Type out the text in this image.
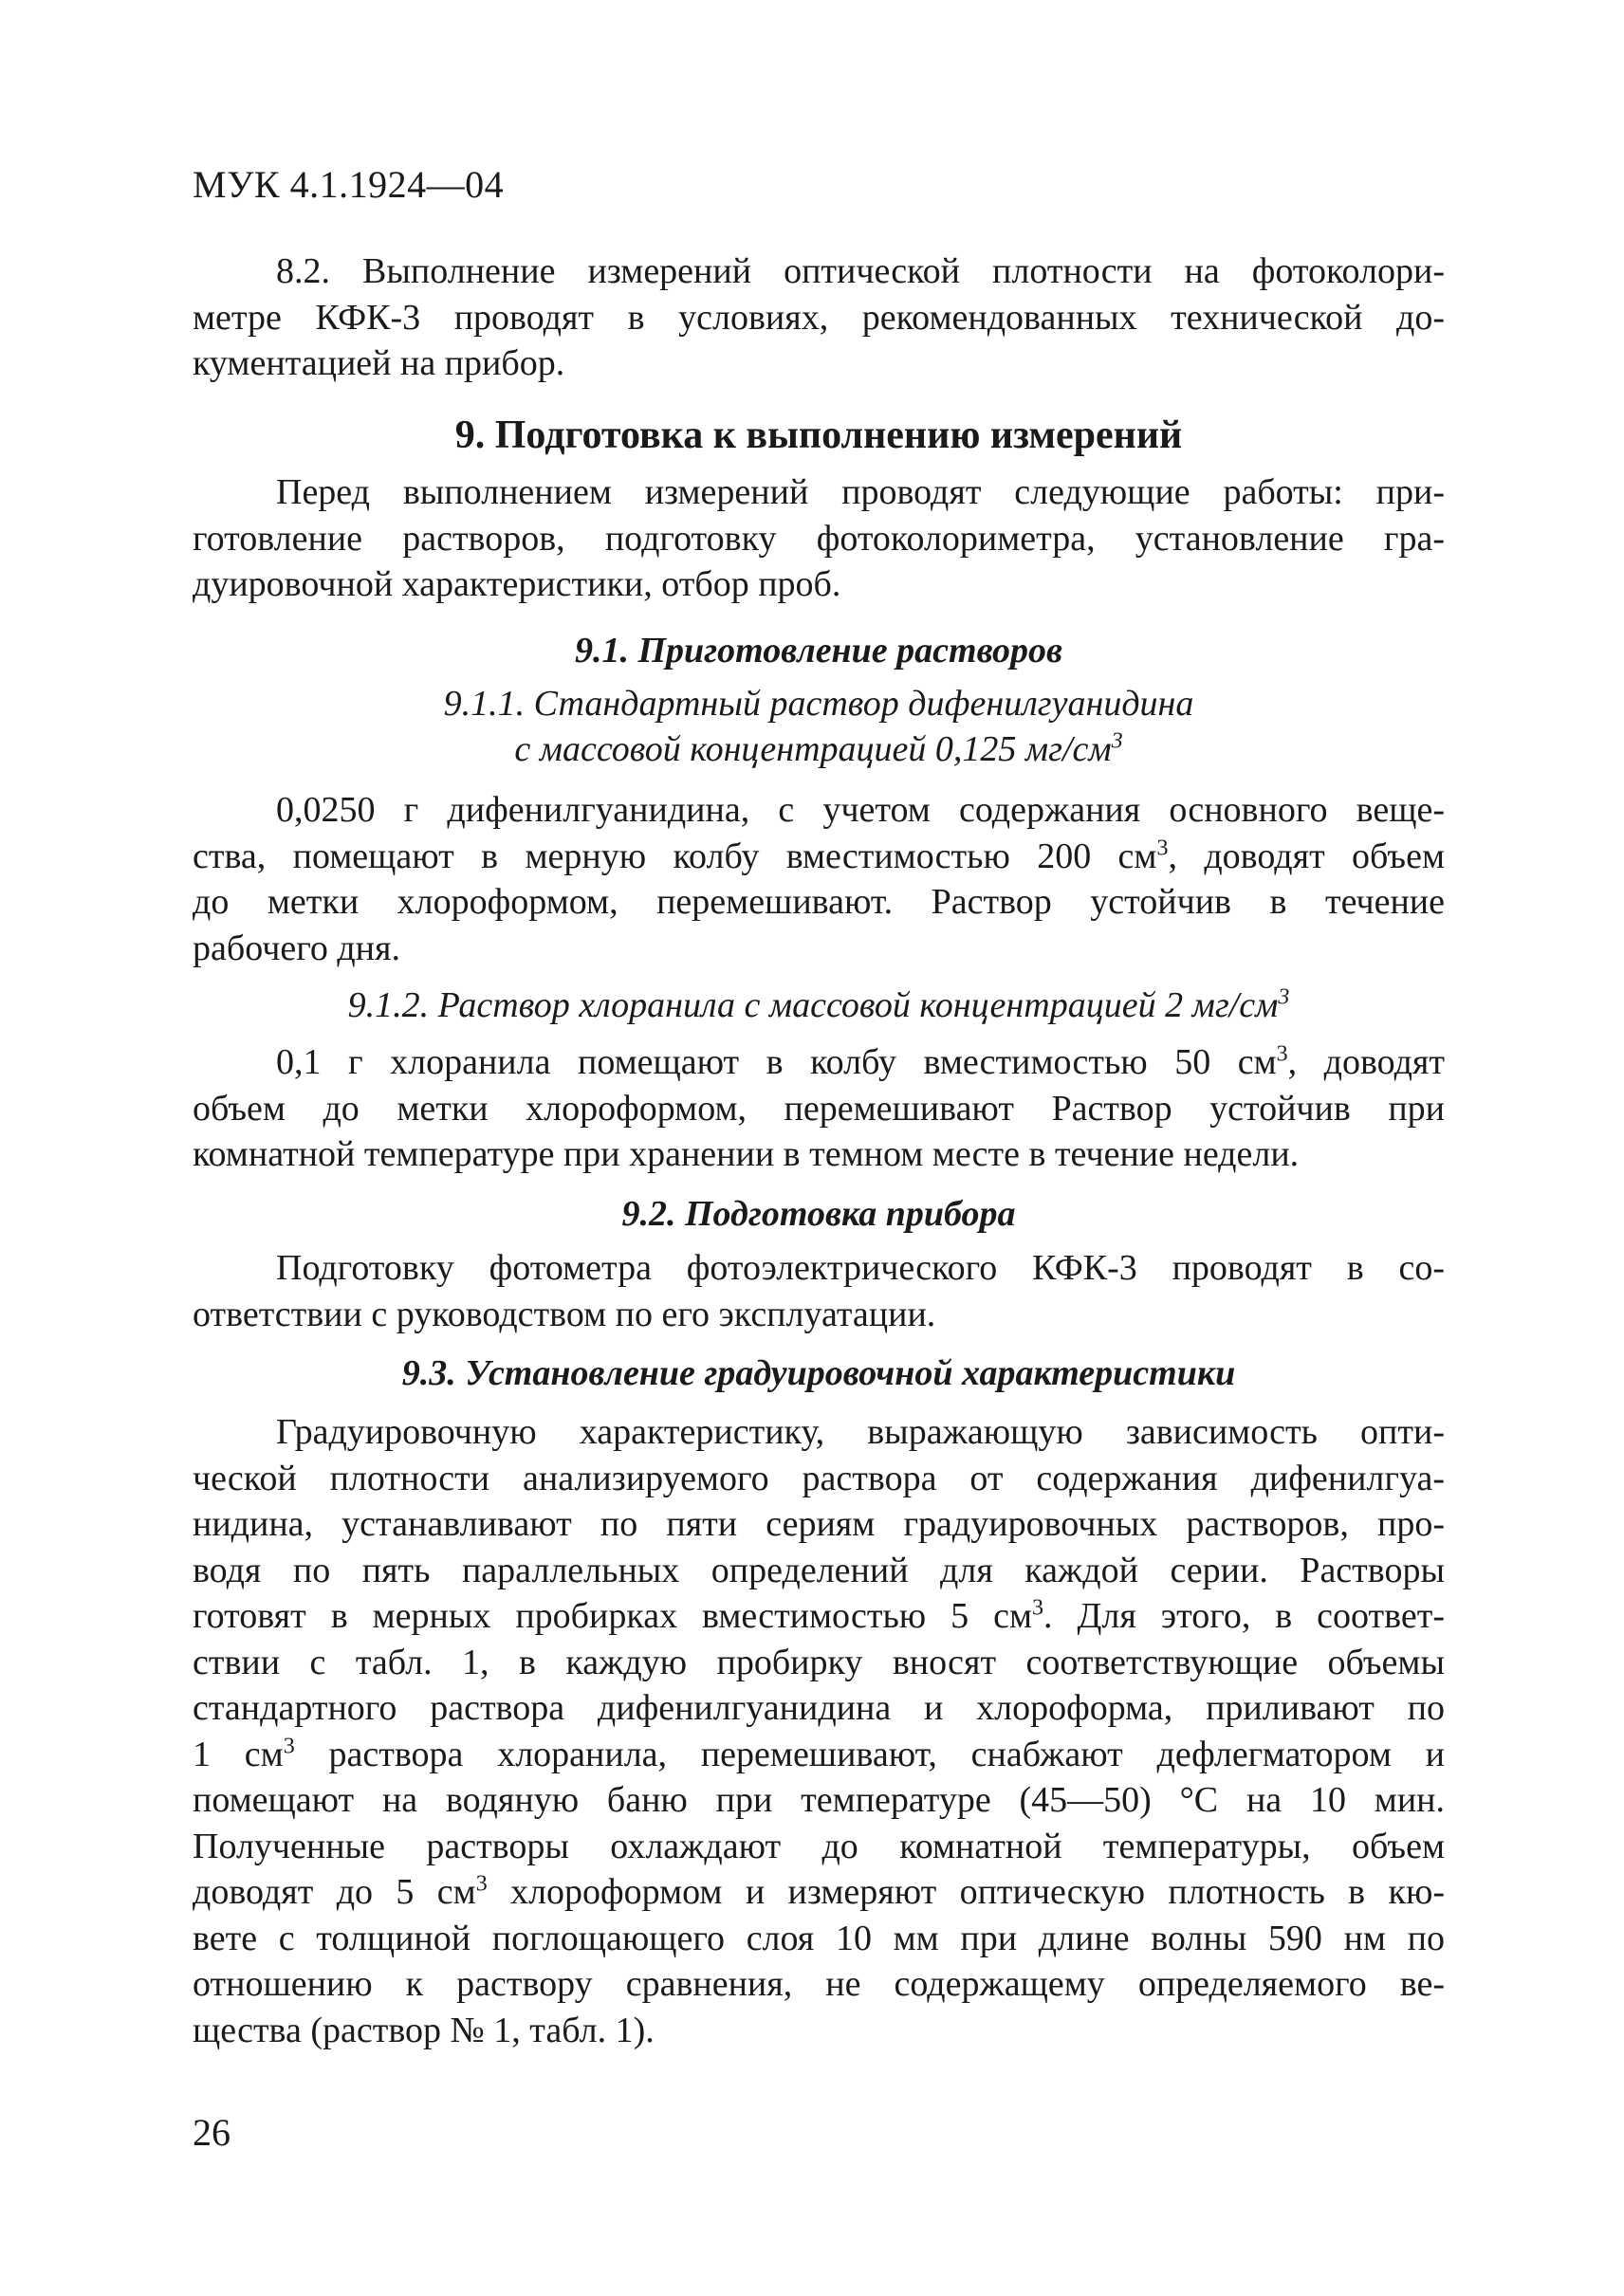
МУК 4.1.1924—04
8.2. Выполнение измерений оптической плотности на фотоколори-
метре КФК-3 проводят в условиях, рекомендованных технической до-
кументацией на прибор.
9. Подготовка к выполнению измерений
Перед выполнением измерений проводят следующие работы: при-
готовление растворов, подготовку фотоколориметра, установление гра-
дуировочной характеристики, отбор проб.
9.1. Приготовление растворов
9.1.1. Стандартный раствор дифенилгуанидина
с массовой концентрацией 0,125 $мг/см^3$
0,0250 г дифенилгуанидина, с учетом содержания основного веще-
ства, помещают в мерную колбу вместимостью 200 $см^3$, доводят объем
до метки хлороформом, перемешивают. Раствор устойчив в течение
рабочего дня.
9.1.2. Раствор хлоранила с массовой концентрацией 2 $мг/см^3$
0,1 г хлоранила помещают в колбу вместимостью 50 $см^3$, доводят
объем до метки хлороформом, перемешивают Раствор устойчив при
комнатной температуре при хранении в темном месте в течение недели.
9.2. Подготовка прибора
Подготовку фотометра фотоэлектрического КФК-3 проводят в со-
ответствии с руководством по его эксплуатации.
9.3. Установление градуировочной характеристики
Градуировочную характеристику, выражающую зависимость опти-
ческой плотности анализируемого раствора от содержания дифенилгуа-
нидина, устанавливают по пяти сериям градуировочных растворов, про-
водя по пять параллельных определений для каждой серии. Растворы
готовят в мерных пробирках вместимостью 5 $см^3$. Для этого, в соответ-
ствии с табл. 1, в каждую пробирку вносят соответствующие объемы
стандартного раствора дифенилгуанидина и хлороформа, приливают по
1 $см^3$ раствора хлоранила, перемешивают, снабжают дефлегматором и
помещают на водяную баню при температуре (45—50) °С на 10 мин.
Полученные растворы охлаждают до комнатной температуры, объем
доводят до 5 $см^3$ хлороформом и измеряют оптическую плотность в кю-
вете с толщиной поглощающего слоя 10 мм при длине волны 590 нм по
отношению к раствору сравнения, не содержащему определяемого ве-
щества (раствор № 1, табл. 1).
26
